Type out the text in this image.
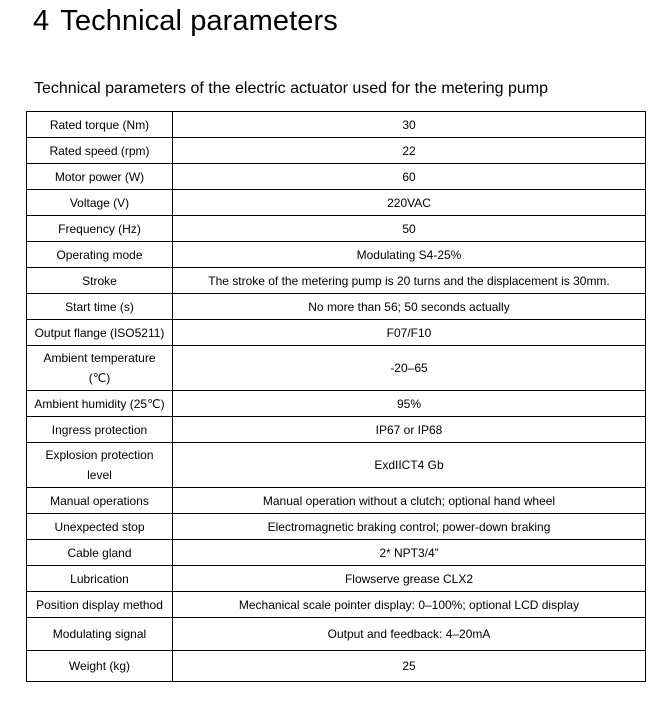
4 Technical parameters

Technical parameters of the electric actuator used for the metering pump

Rated torque (Nm)	30
Rated speed (rpm)	22
Motor power (W)	60
Voltage (V)	220VAC
Frequency (Hz)	50
Operating mode	Modulating S4-25%
Stroke	The stroke of the metering pump is 20 turns and the displacement is 30mm.
Start time (s)	No more than 56; 50 seconds actually
Output flange (ISO5211)	F07/F10
Ambient temperature
(℃)	-20–65
Ambient humidity (25℃)	95%
Ingress protection	IP67 or IP68
Explosion protection
level	ExdIICT4 Gb
Manual operations	Manual operation without a clutch; optional hand wheel
Unexpected stop	Electromagnetic braking control; power-down braking
Cable gland	2* NPT3/4”
Lubrication	Flowserve grease CLX2
Position display method	Mechanical scale pointer display: 0–100%; optional LCD display
Modulating signal	Output and feedback: 4–20mA
Weight (kg)	25
